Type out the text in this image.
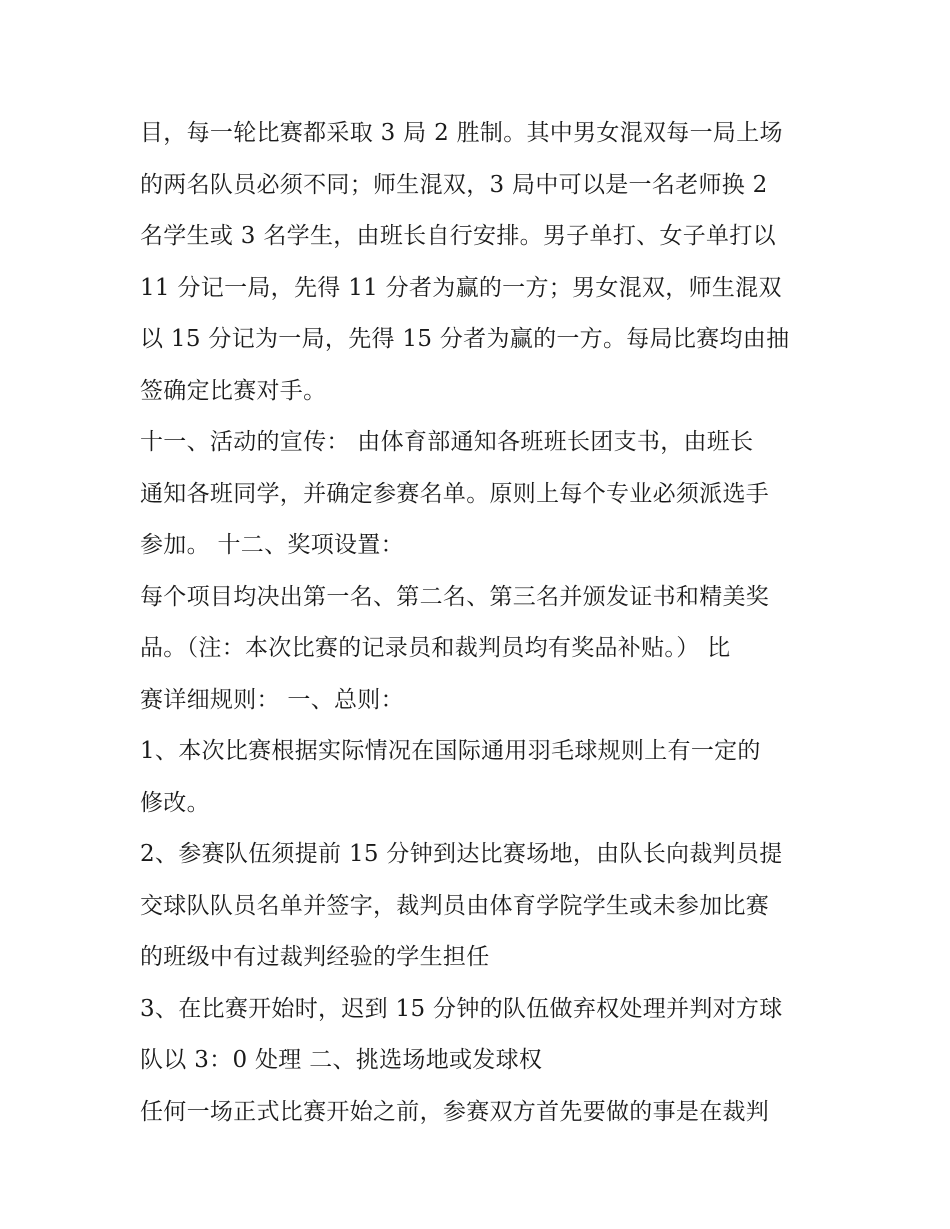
目，每一轮比赛都采取 3 局 2 胜制。其中男女混双每一局上场
的两名队员必须不同；师生混双，3 局中可以是一名老师换 2
名学生或 3 名学生，由班长自行安排。男子单打、女子单打以
11 分记一局，先得 11 分者为赢的一方；男女混双，师生混双
以 15 分记为一局，先得 15 分者为赢的一方。每局比赛均由抽
签确定比赛对手。
十一、活动的宣传： 由体育部通知各班班长团支书，由班长
通知各班同学，并确定参赛名单。原则上每个专业必须派选手
参加。 十二、奖项设置：
每个项目均决出第一名、第二名、第三名并颁发证书和精美奖
品。（注：本次比赛的记录员和裁判员均有奖品补贴。） 比
赛详细规则： 一、总则：
1、本次比赛根据实际情况在国际通用羽毛球规则上有一定的
修改。
2、参赛队伍须提前 15 分钟到达比赛场地，由队长向裁判员提
交球队队员名单并签字，裁判员由体育学院学生或未参加比赛
的班级中有过裁判经验的学生担任
3、在比赛开始时，迟到 15 分钟的队伍做弃权处理并判对方球
队以 3：0 处理 二、挑选场地或发球权
任何一场正式比赛开始之前，参赛双方首先要做的事是在裁判
